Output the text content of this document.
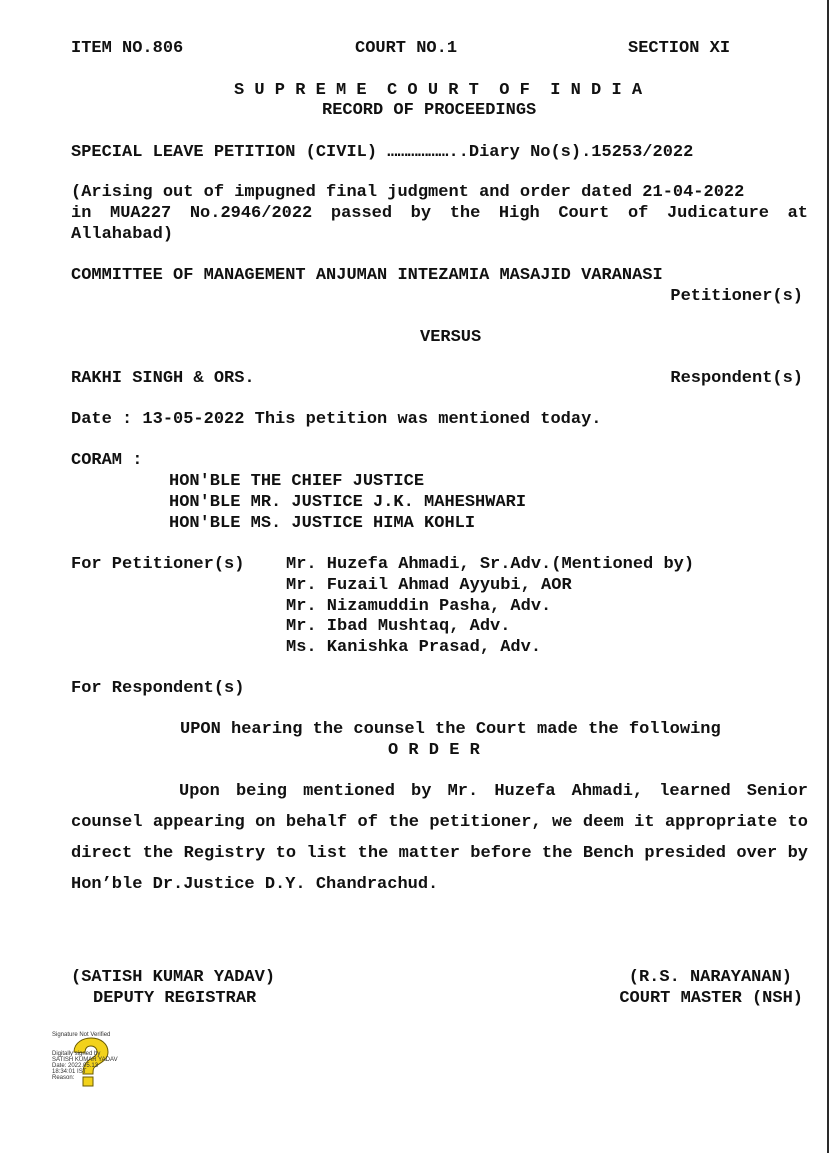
ITEM NO.806	COURT NO.1	SECTION XI
S U P R E M E  C O U R T  O F  I N D I A
RECORD OF PROCEEDINGS
SPECIAL LEAVE PETITION (CIVIL) ………………..Diary No(s).15253/2022
(Arising out of impugned final judgment and order dated 21-04-2022
in MUA227 No.2946/2022 passed by the High Court of Judicature at
Allahabad)
COMMITTEE OF MANAGEMENT ANJUMAN INTEZAMIA MASAJID VARANASI
Petitioner(s)
VERSUS
RAKHI SINGH & ORS.	Respondent(s)
Date : 13-05-2022 This petition was mentioned today.
CORAM :
HON'BLE THE CHIEF JUSTICE
HON'BLE MR. JUSTICE J.K. MAHESHWARI
HON'BLE MS. JUSTICE HIMA KOHLI
For Petitioner(s) Mr. Huzefa Ahmadi, Sr.Adv.(Mentioned by)
Mr. Fuzail Ahmad Ayyubi, AOR
Mr. Nizamuddin Pasha, Adv.
Mr. Ibad Mushtaq, Adv.
Ms. Kanishka Prasad, Adv.
For Respondent(s)
UPON hearing the counsel the Court made the following
O R D E R
Upon being mentioned by Mr. Huzefa Ahmadi, learned Senior counsel appearing on behalf of the petitioner, we deem it appropriate to direct the Registry to list the matter before the Bench presided over by Hon’ble Dr.Justice D.Y. Chandrachud.
(SATISH KUMAR YADAV)
DEPUTY REGISTRAR
(R.S. NARAYANAN)
COURT MASTER (NSH)
Signature Not Verified
Digitally signed by
SATISH KUMAR YADAV
Date: 2022.05.13
18:34:01 IST
Reason:
